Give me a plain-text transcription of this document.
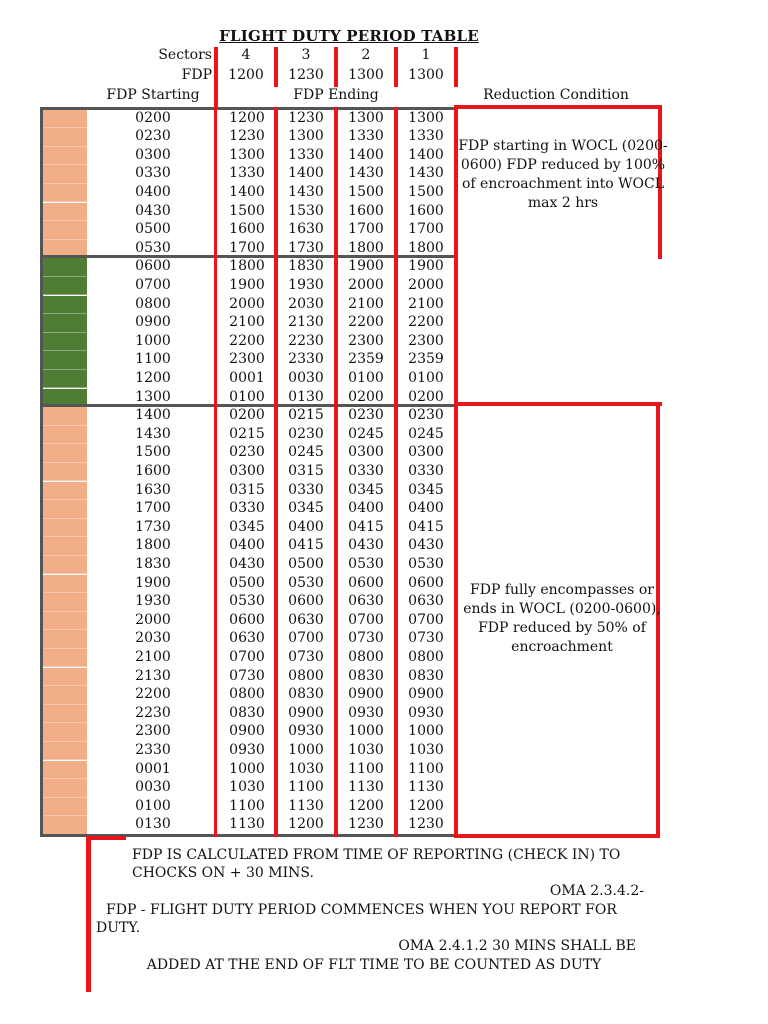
FLIGHT DUTY PERIOD TABLE
Sectors	4	3	2	1
FDP	1200	1230	1300	1300
FDP Starting	FDP Ending	Reduction Condition
0200	1200	1230	1300	1300
0230	1230	1300	1330	1330
0300	1300	1330	1400	1400
0330	1330	1400	1430	1430
0400	1400	1430	1500	1500
0430	1500	1530	1600	1600
0500	1600	1630	1700	1700
0530	1700	1730	1800	1800
0600	1800	1830	1900	1900
0700	1900	1930	2000	2000
0800	2000	2030	2100	2100
0900	2100	2130	2200	2200
1000	2200	2230	2300	2300
1100	2300	2330	2359	2359
1200	0001	0030	0100	0100
1300	0100	0130	0200	0200
1400	0200	0215	0230	0230
1430	0215	0230	0245	0245
1500	0230	0245	0300	0300
1600	0300	0315	0330	0330
1630	0315	0330	0345	0345
1700	0330	0345	0400	0400
1730	0345	0400	0415	0415
1800	0400	0415	0430	0430
1830	0430	0500	0530	0530
1900	0500	0530	0600	0600
1930	0530	0600	0630	0630
2000	0600	0630	0700	0700
2030	0630	0700	0730	0730
2100	0700	0730	0800	0800
2130	0730	0800	0830	0830
2200	0800	0830	0900	0900
2230	0830	0900	0930	0930
2300	0900	0930	1000	1000
2330	0930	1000	1030	1030
0001	1000	1030	1100	1100
0030	1030	1100	1130	1130
0100	1100	1130	1200	1200
0130	1130	1200	1230	1230
FDP starting in WOCL (0200-0600) FDP reduced by 100% of encroachment into WOCL max 2 hrs
FDP fully encompasses or ends in WOCL (0200-0600), FDP reduced by 50% of encroachment
FDP IS CALCULATED FROM TIME OF REPORTING (CHECK IN) TO CHOCKS ON + 30 MINS.
OMA 2.3.4.2-
FDP - FLIGHT DUTY PERIOD COMMENCES WHEN YOU REPORT FOR DUTY.
OMA 2.4.1.2 30 MINS SHALL BE
ADDED AT THE END OF FLT TIME TO BE COUNTED AS DUTY
